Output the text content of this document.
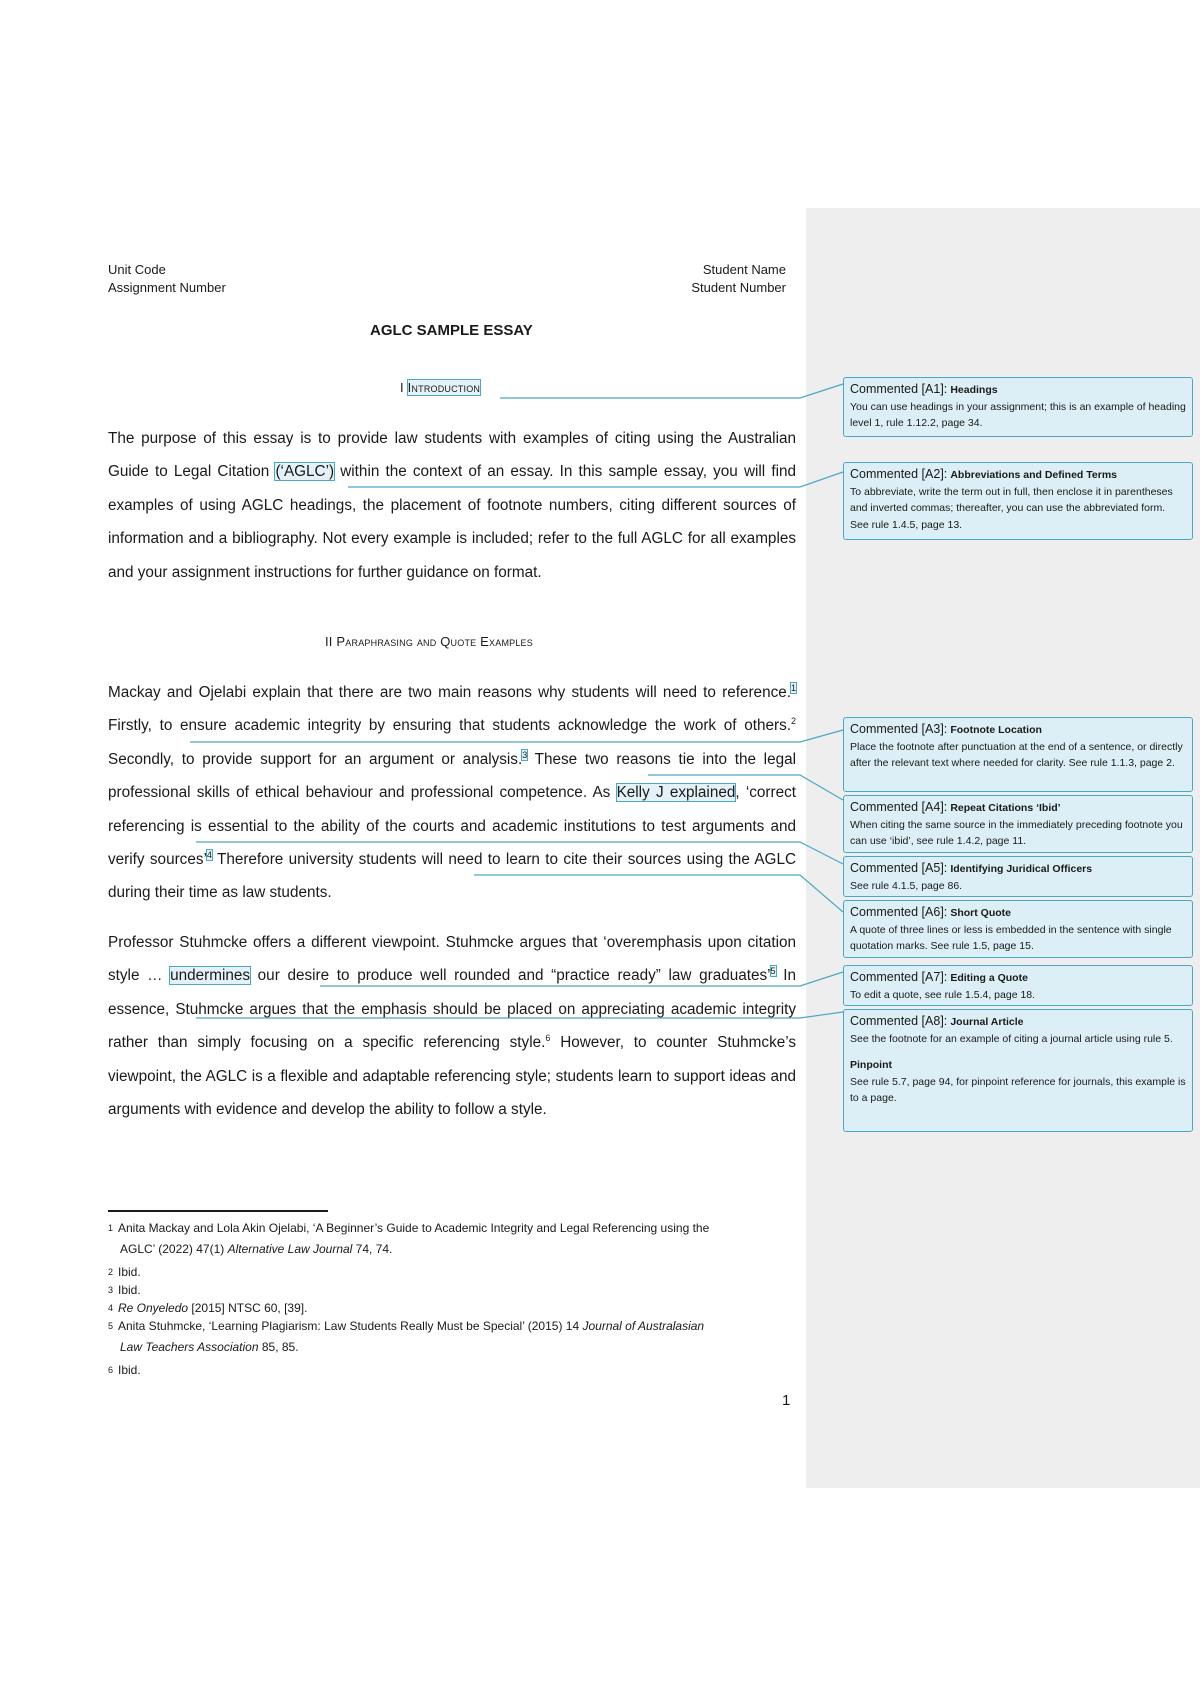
Unit Code
Assignment Number
Student Name
Student Number
AGLC SAMPLE ESSAY
I Introduction

The purpose of this essay is to provide law students with examples of citing using the Australian Guide to Legal Citation (‘AGLC’) within the context of an essay. In this sample essay, you will find examples of using AGLC headings, the placement of footnote numbers, citing different sources of information and a bibliography. Not every example is included; refer to the full AGLC for all examples and your assignment instructions for further guidance on format.

II Paraphrasing and Quote Examples

Mackay and Ojelabi explain that there are two main reasons why students will need to reference.$^1$ Firstly, to ensure academic integrity by ensuring that students acknowledge the work of others.$^2$ Secondly, to provide support for an argument or analysis.$^3$ These two reasons tie into the legal professional skills of ethical behaviour and professional competence. As Kelly J explained, ‘correct referencing is essential to the ability of the courts and academic institutions to test arguments and verify sources’$^4$ Therefore university students will need to learn to cite their sources using the AGLC during their time as law students.

Professor Stuhmcke offers a different viewpoint. Stuhmcke argues that ‘overemphasis upon citation style … undermines our desire to produce well rounded and “practice ready” law graduates’$^5$ In essence, Stuhmcke argues that the emphasis should be placed on appreciating academic integrity rather than simply focusing on a specific referencing style.$^6$ However, to counter Stuhmcke’s viewpoint, the AGLC is a flexible and adaptable referencing style; students learn to support ideas and arguments with evidence and develop the ability to follow a style.

1 Anita Mackay and Lola Akin Ojelabi, ‘A Beginner’s Guide to Academic Integrity and Legal Referencing using the
AGLC’ (2022) 47(1) Alternative Law Journal 74, 74.
2 Ibid.
3 Ibid.
4 Re Onyeledo [2015] NTSC 60, [39].
5 Anita Stuhmcke, ‘Learning Plagiarism: Law Students Really Must be Special’ (2015) 14 Journal of Australasian
Law Teachers Association 85, 85.
6 Ibid.
1
Commented [A1]: Headings
You can use headings in your assignment; this is an example of heading level 1, rule 1.12.2, page 34.
Commented [A2]: Abbreviations and Defined Terms
To abbreviate, write the term out in full, then enclose it in parentheses and inverted commas; thereafter, you can use the abbreviated form. See rule 1.4.5, page 13.
Commented [A3]: Footnote Location
Place the footnote after punctuation at the end of a sentence, or directly after the relevant text where needed for clarity. See rule 1.1.3, page 2.
Commented [A4]: Repeat Citations ‘Ibid’
When citing the same source in the immediately preceding footnote you can use ‘ibid’, see rule 1.4.2, page 11.
Commented [A5]: Identifying Juridical Officers
See rule 4.1.5, page 86.
Commented [A6]: Short Quote
A quote of three lines or less is embedded in the sentence with single quotation marks. See rule 1.5, page 15.
Commented [A7]: Editing a Quote
To edit a quote, see rule 1.5.4, page 18.
Commented [A8]: Journal Article
See the footnote for an example of citing a journal article using rule 5.
Pinpoint
See rule 5.7, page 94, for pinpoint reference for journals, this example is to a page.
